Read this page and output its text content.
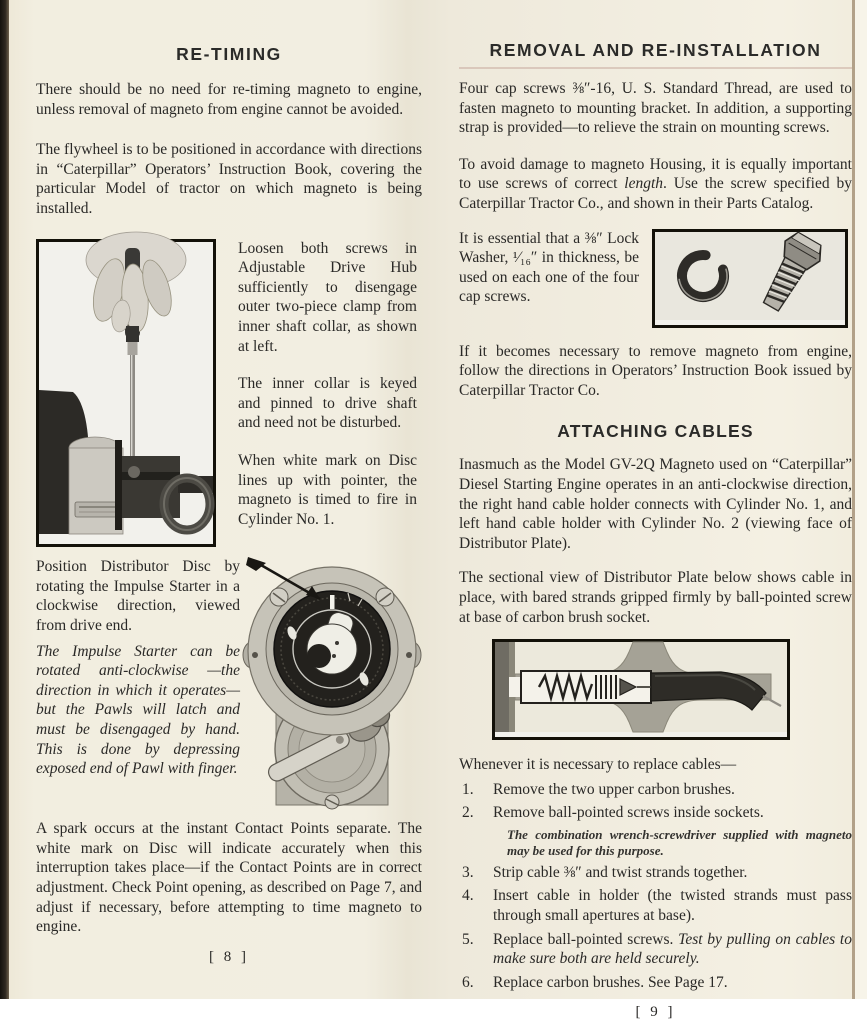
RE-TIMING

There should be no need for re-timing magneto to engine, unless removal of magneto from engine cannot be avoided.

The flywheel is to be positioned in accordance with directions in “Caterpillar” Operators’ Instruction Book, covering the particular Model of tractor on which magneto is being installed.

Loosen both screws in Adjustable Drive Hub sufficiently to disengage outer two-piece clamp from inner shaft collar, as shown at left.

The inner collar is keyed and pinned to drive shaft and need not be disturbed.

When white mark on Disc lines up with pointer, the magneto is timed to fire in Cylinder No. 1.

Position Distributor Disc by rotating the Impulse Starter in a clockwise direction, viewed from drive end.

The Impulse Starter can be rotated anti-clockwise —the direction in which it operates—but the Pawls will latch and must be disengaged by hand. This is done by depressing exposed end of Pawl with finger.

A spark occurs at the instant Contact Points separate. The white mark on Disc will indicate accurately when this interruption takes place—if the Contact Points are in correct adjustment. Check Point opening, as described on Page 7, and adjust if necessary, before attempting to time magneto to engine.

[ 8 ]
REMOVAL AND RE-INSTALLATION

Four cap screws ⅜″-16, U. S. Standard Thread, are used to fasten magneto to mounting bracket. In addition, a supporting strap is provided—to relieve the strain on mounting screws.

To avoid damage to magneto Housing, it is equally important to use screws of correct length. Use the screw specified by Caterpillar Tractor Co., and shown in their Parts Catalog.

It is essential that a ⅜″ Lock Washer, ¹⁄₁₆″ in thickness, be used on each one of the four cap screws.

If it becomes necessary to remove magneto from engine, follow the directions in Operators’ Instruction Book issued by Caterpillar Tractor Co.

ATTACHING CABLES

Inasmuch as the Model GV-2Q Magneto used on “Caterpillar” Diesel Starting Engine operates in an anti-clockwise direction, the right hand cable holder connects with Cylinder No. 1, and left hand cable holder with Cylinder No. 2 (viewing face of Distributor Plate).

The sectional view of Distributor Plate below shows cable in place, with bared strands gripped firmly by ball-pointed screw at base of carbon brush socket.

Whenever it is necessary to replace cables—

1.	Remove the two upper carbon brushes.
2.	Remove ball-pointed screws inside sockets.
The combination wrench-screwdriver supplied with magneto may be used for this purpose.
3.	Strip cable ⅜″ and twist strands together.
4.	Insert cable in holder (the twisted strands must pass through small apertures at base).
5.	Replace ball-pointed screws. Test by pulling on cables to make sure both are held securely.
6.	Replace carbon brushes. See Page 17.
[ 9 ]
